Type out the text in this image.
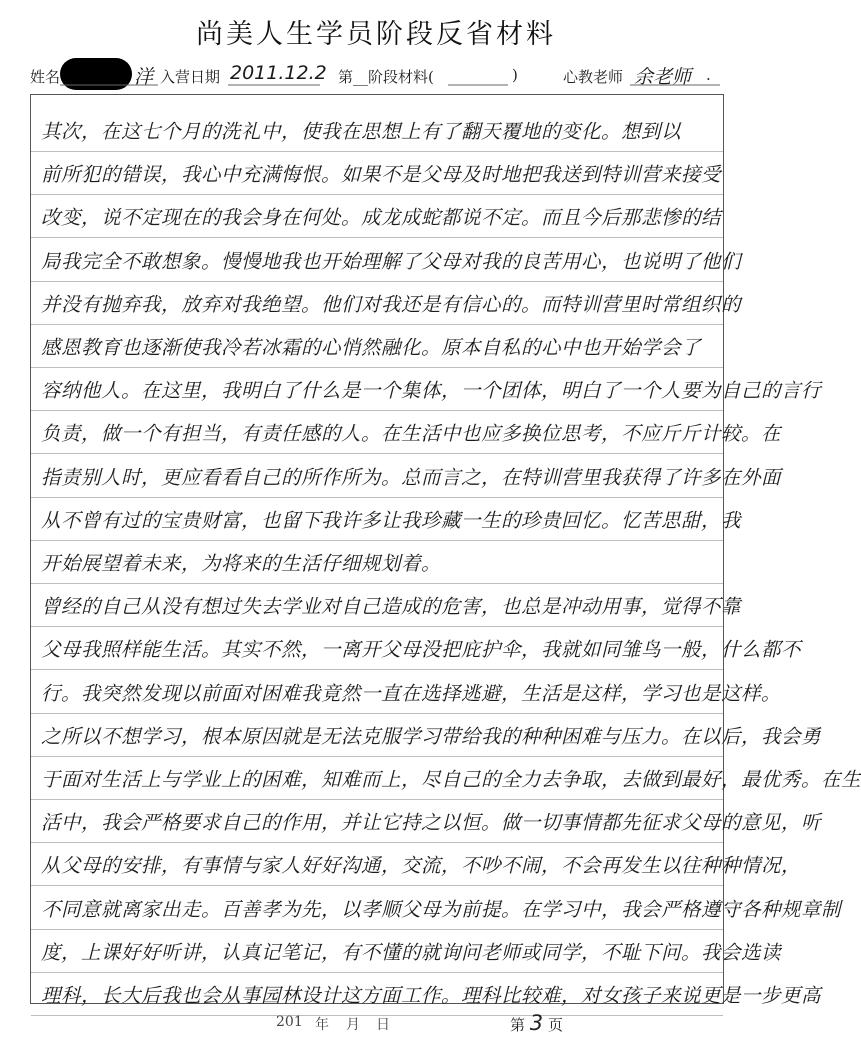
尚美人生学员阶段反省材料
姓名	洋 入营日期 2011.12.2 第__阶段材料(	)	心教老师 余老师 .
其次，在这七个月的洗礼中，使我在思想上有了翻天覆地的变化。想到以
前所犯的错误，我心中充满悔恨。如果不是父母及时地把我送到特训营来接受
改变，说不定现在的我会身在何处。成龙成蛇都说不定。而且今后那悲惨的结
局我完全不敢想象。慢慢地我也开始理解了父母对我的良苦用心，也说明了他们
并没有抛弃我，放弃对我绝望。他们对我还是有信心的。而特训营里时常组织的
感恩教育也逐渐使我冷若冰霜的心悄然融化。原本自私的心中也开始学会了
容纳他人。在这里，我明白了什么是一个集体，一个团体，明白了一个人要为自己的言行
负责，做一个有担当，有责任感的人。在生活中也应多换位思考，不应斤斤计较。在
指责别人时，更应看看自己的所作所为。总而言之，在特训营里我获得了许多在外面
从不曾有过的宝贵财富，也留下我许多让我珍藏一生的珍贵回忆。忆苦思甜，我
开始展望着未来，为将来的生活仔细规划着。
曾经的自己从没有想过失去学业对自己造成的危害，也总是冲动用事，觉得不靠
父母我照样能生活。其实不然，一离开父母没把庇护伞，我就如同雏鸟一般，什么都不
行。我突然发现以前面对困难我竟然一直在选择逃避，生活是这样，学习也是这样。
之所以不想学习，根本原因就是无法克服学习带给我的种种困难与压力。在以后，我会勇
于面对生活上与学业上的困难，知难而上，尽自己的全力去争取，去做到最好，最优秀。在生
活中，我会严格要求自己的作用，并让它持之以恒。做一切事情都先征求父母的意见，听
从父母的安排，有事情与家人好好沟通，交流，不吵不闹，不会再发生以往种种情况，
不同意就离家出走。百善孝为先，以孝顺父母为前提。在学习中，我会严格遵守各种规章制
度，上课好好听讲，认真记笔记，有不懂的就询问老师或同学，不耻下问。我会选读
理科，长大后我也会从事园林设计这方面工作。理科比较难，对女孩子来说更是一步更高
201 年 月 日	第 3 页
